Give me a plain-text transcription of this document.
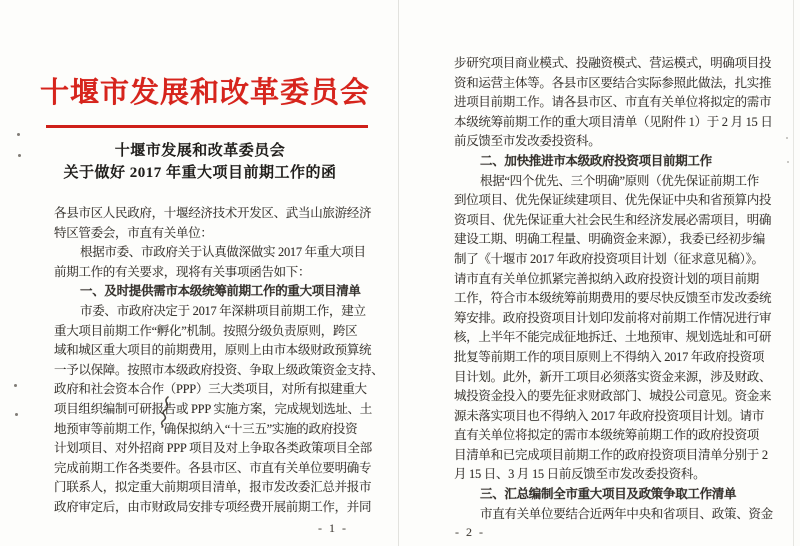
十堰市发展和改革委员会
十堰市发展和改革委员会
关于做好 2017 年重大项目前期工作的函
各县市区人民政府，十堰经济技术开发区、武当山旅游经济
特区管委会，市直有关单位：
根据市委、市政府关于认真做深做实 2017 年重大项目
前期工作的有关要求，现将有关事项函告如下：
一、及时提供需市本级统筹前期工作的重大项目清单
市委、市政府决定于 2017 年深耕项目前期工作，建立
重大项目前期工作“孵化”机制。按照分级负责原则，跨区
域和城区重大项目的前期费用，原则上由市本级财政预算统
一予以保障。按照市本级政府投资、争取上级政策资金支持、
政府和社会资本合作（PPP）三大类项目，对所有拟建重大
项目组织编制可研报告或 PPP 实施方案，完成规划选址、土
地预审等前期工作，确保拟纳入“十三五”实施的政府投资
计划项目、对外招商 PPP 项目及对上争取各类政策项目全部
完成前期工作各类要件。各县市区、市直有关单位要明确专
门联系人，拟定重大前期项目清单，报市发改委汇总并报市
政府审定后，由市财政局安排专项经费开展前期工作，并同
- 1 -
步研究项目商业模式、投融资模式、营运模式，明确项目投
资和运营主体等。各县市区要结合实际参照此做法，扎实推
进项目前期工作。请各县市区、市直有关单位将拟定的需市
本级统筹前期工作的重大项目清单（见附件 1）于 2 月 15 日
前反馈至市发改委投资科。
二、加快推进市本级政府投资项目前期工作
根据“四个优先、三个明确”原则（优先保证前期工作
到位项目、优先保证续建项目、优先保证中央和省预算内投
资项目、优先保证重大社会民生和经济发展必需项目，明确
建设工期、明确工程量、明确资金来源），我委已经初步编
制了《十堰市 2017 年政府投资项目计划（征求意见稿）》。
请市直有关单位抓紧完善拟纳入政府投资计划的项目前期
工作，符合市本级统筹前期费用的要尽快反馈至市发改委统
筹安排。政府投资项目计划印发前将对前期工作情况进行审
核，上半年不能完成征地拆迁、土地预审、规划选址和可研
批复等前期工作的项目原则上不得纳入 2017 年政府投资项
目计划。此外，新开工项目必须落实资金来源，涉及财政、
城投资金投入的要先征求财政部门、城投公司意见。资金来
源未落实项目也不得纳入 2017 年政府投资项目计划。请市
直有关单位将拟定的需市本级统筹前期工作的政府投资项
目清单和已完成项目前期工作的政府投资项目清单分别于 2
月 15 日、3 月 15 日前反馈至市发改委投资科。
三、汇总编制全市重大项目及政策争取工作清单
市直有关单位要结合近两年中央和省项目、政策、资金
- 2 -
